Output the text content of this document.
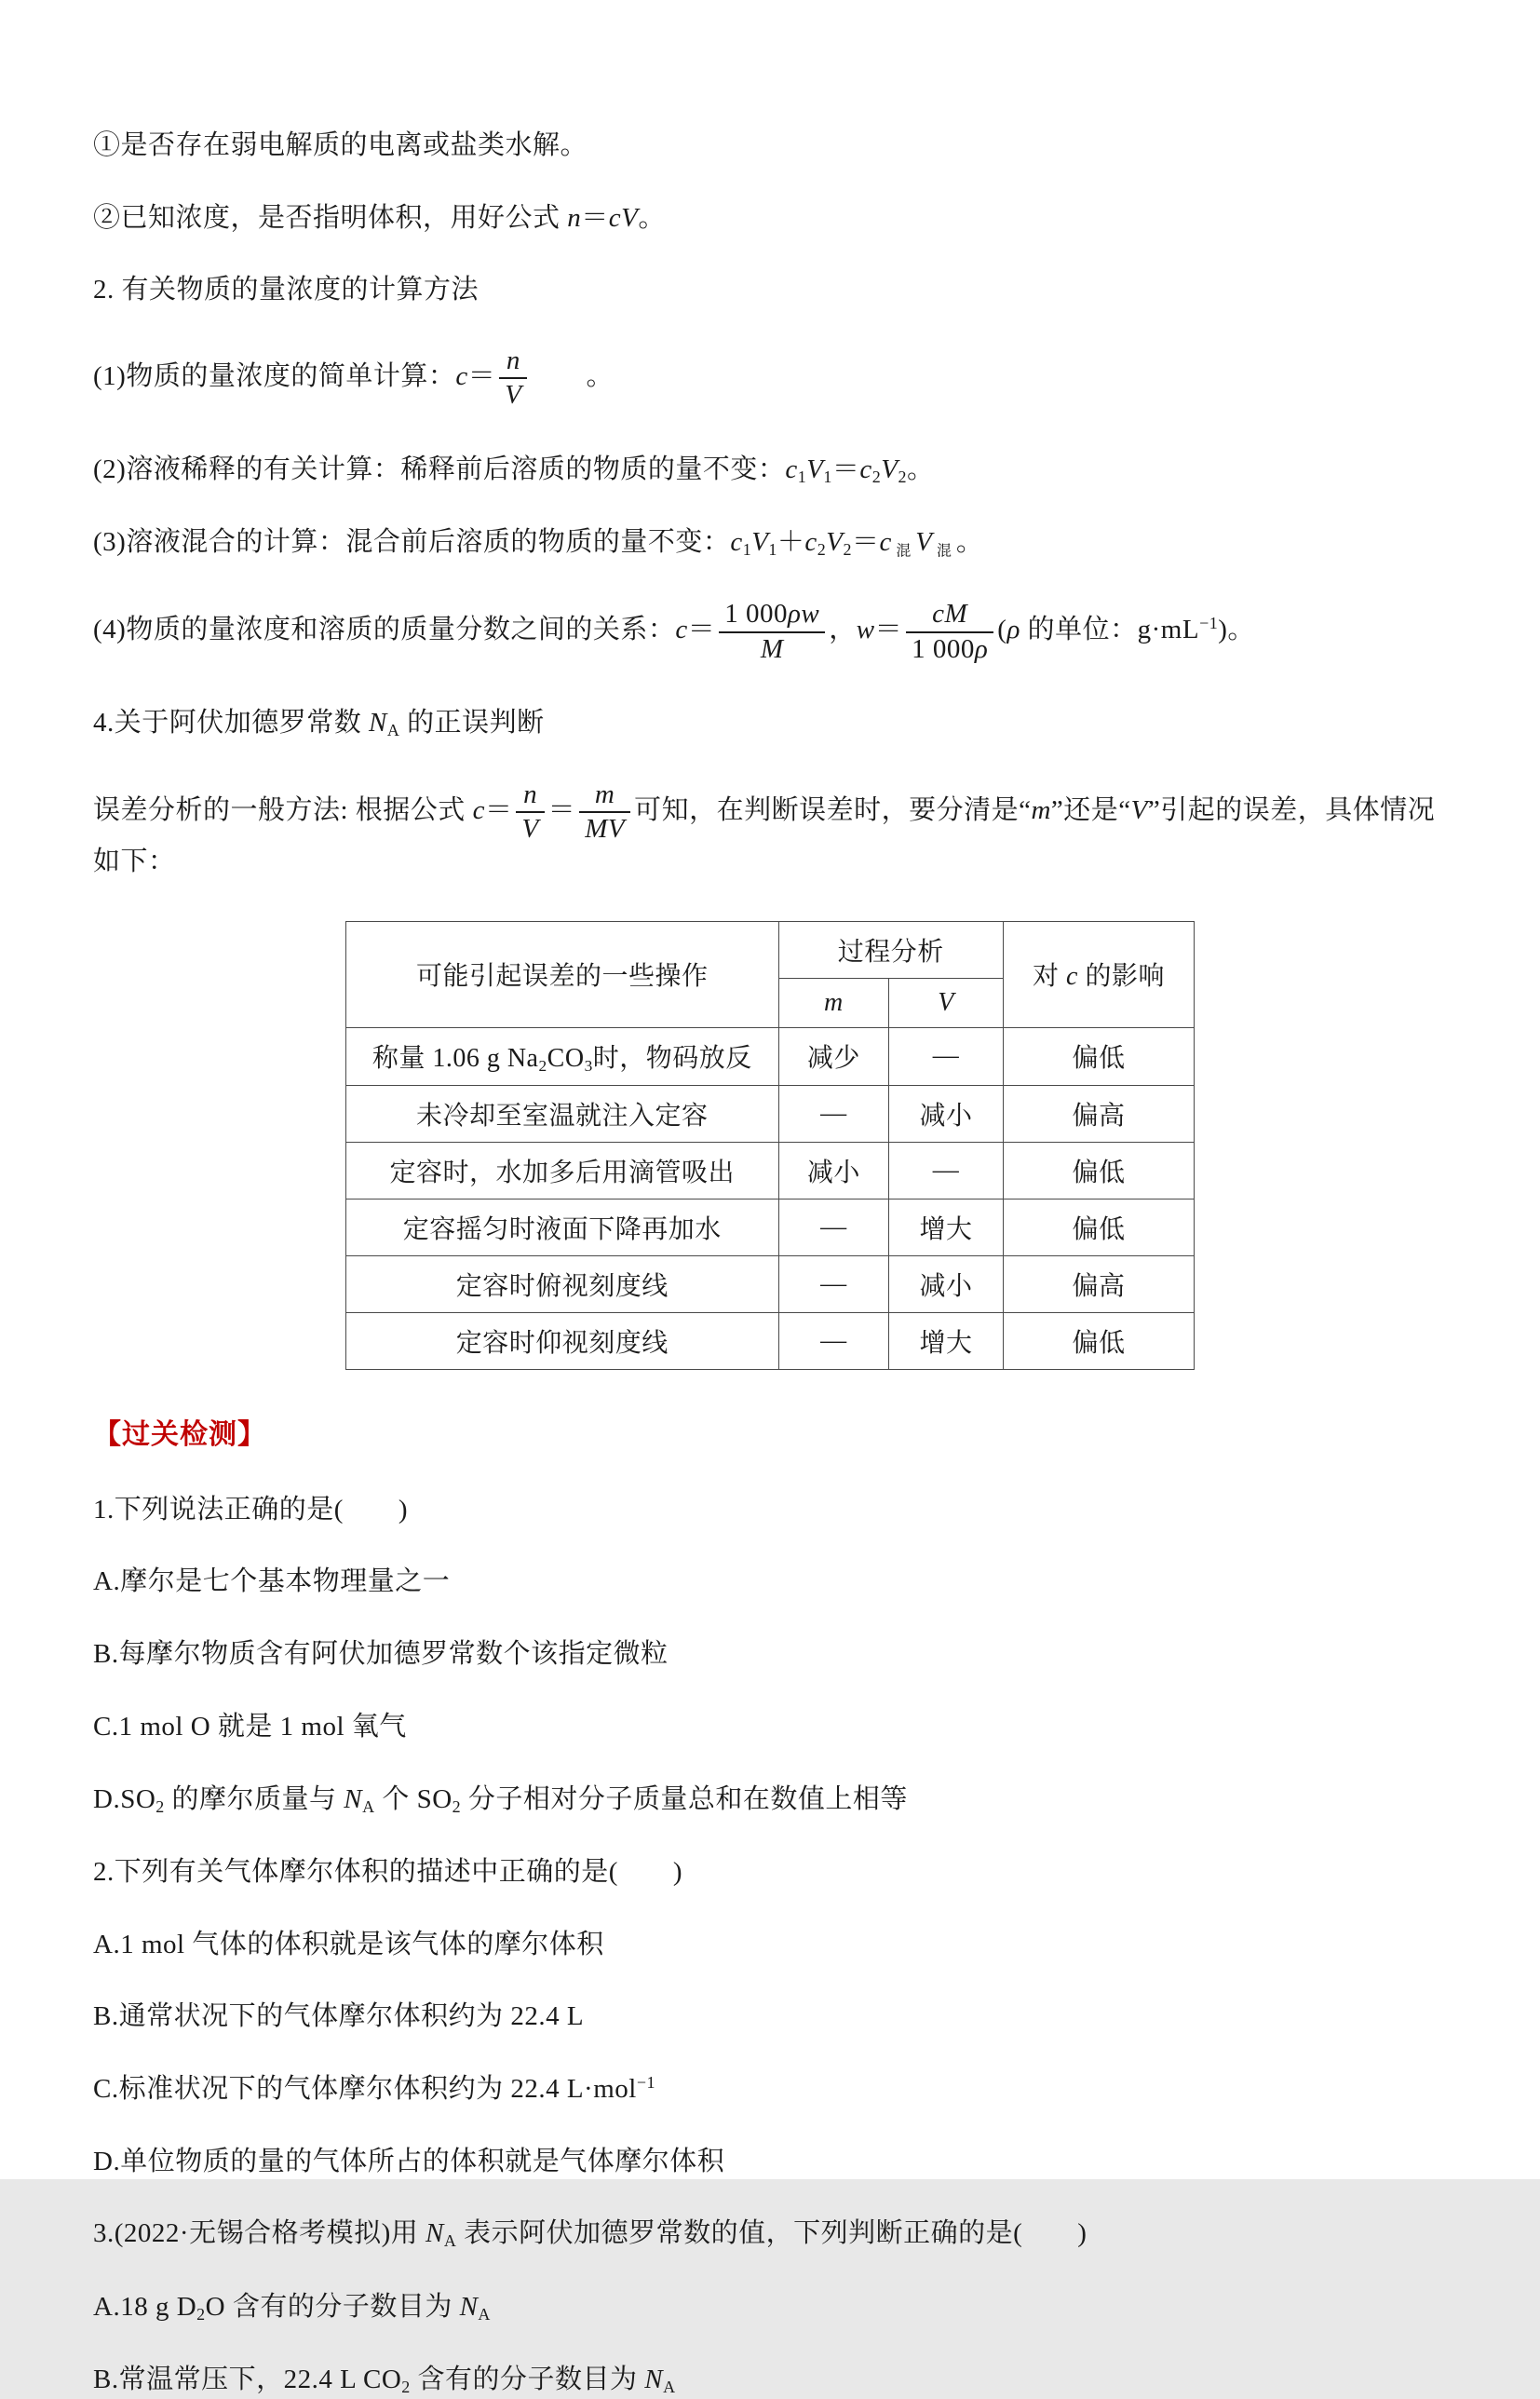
①是否存在弱电解质的电离或盐类水解。
②已知浓度，是否指明体积，用好公式 n＝cV。
2. 有关物质的量浓度的计算方法
(1)物质的量浓度的简单计算：$c= \frac{n}{V}$ 　　。
(2)溶液稀释的有关计算：稀释前后溶质的物质的量不变：$c_1V_1=c_2V_2$。
(3)溶液混合的计算：混合前后溶质的物质的量不变：$c_1V_1+c_2V_2=c$ 混 V 混 。
(4)物质的量浓度和溶质的质量分数之间的关系：$c= \frac{1 000\rho w}{M}$ ，$w= \frac{cM}{1 000\rho} (\rho$ 的单位：$g\cdot mL^{-1}$)。
4.关于阿伏加德罗常数 $N_A$ 的正误判断
误差分析的一般方法: 根据公式 $c= \frac{n}{V} = \frac{m}{MV}$ 可知，在判断误差时，要分清是“m”还是“V”引起的误差，具体情况如下：
可能引起误差的一些操作	过程分析		对 c 的影响
	m	V	
称量 1.06 g $Na_2CO_3$时，物码放反	减少	—	偏低
未冷却至室温就注入定容	—	减小	偏高
定容时，水加多后用滴管吸出	减小	—	偏低
定容摇匀时液面下降再加水	—	增大	偏低
定容时俯视刻度线	—	减小	偏高
定容时仰视刻度线	—	增大	偏低
【过关检测】
1.下列说法正确的是(　　)
A.摩尔是七个基本物理量之一
B.每摩尔物质含有阿伏加德罗常数个该指定微粒
C.1 mol O 就是 1 mol 氧气
$D.SO_2$ 的摩尔质量与 $N_A$ 个 $SO_2$ 分子相对分子质量总和在数值上相等
2.下列有关气体摩尔体积的描述中正确的是(　　)
A.1 mol 气体的体积就是该气体的摩尔体积
B.通常状况下的气体摩尔体积约为 22.4 L
C.标准状况下的气体摩尔体积约为 22.4 L·mol$^{-1}$
D.单位物质的量的气体所占的体积就是气体摩尔体积
3.(2022·无锡合格考模拟)用 $N_A$ 表示阿伏加德罗常数的值，下列判断正确的是(　　)
A.18 g $D_2O$ 含有的分子数目为 $N_A$
B.常温常压下，22.4 L $CO_2$ 含有的分子数目为 $N_A$
